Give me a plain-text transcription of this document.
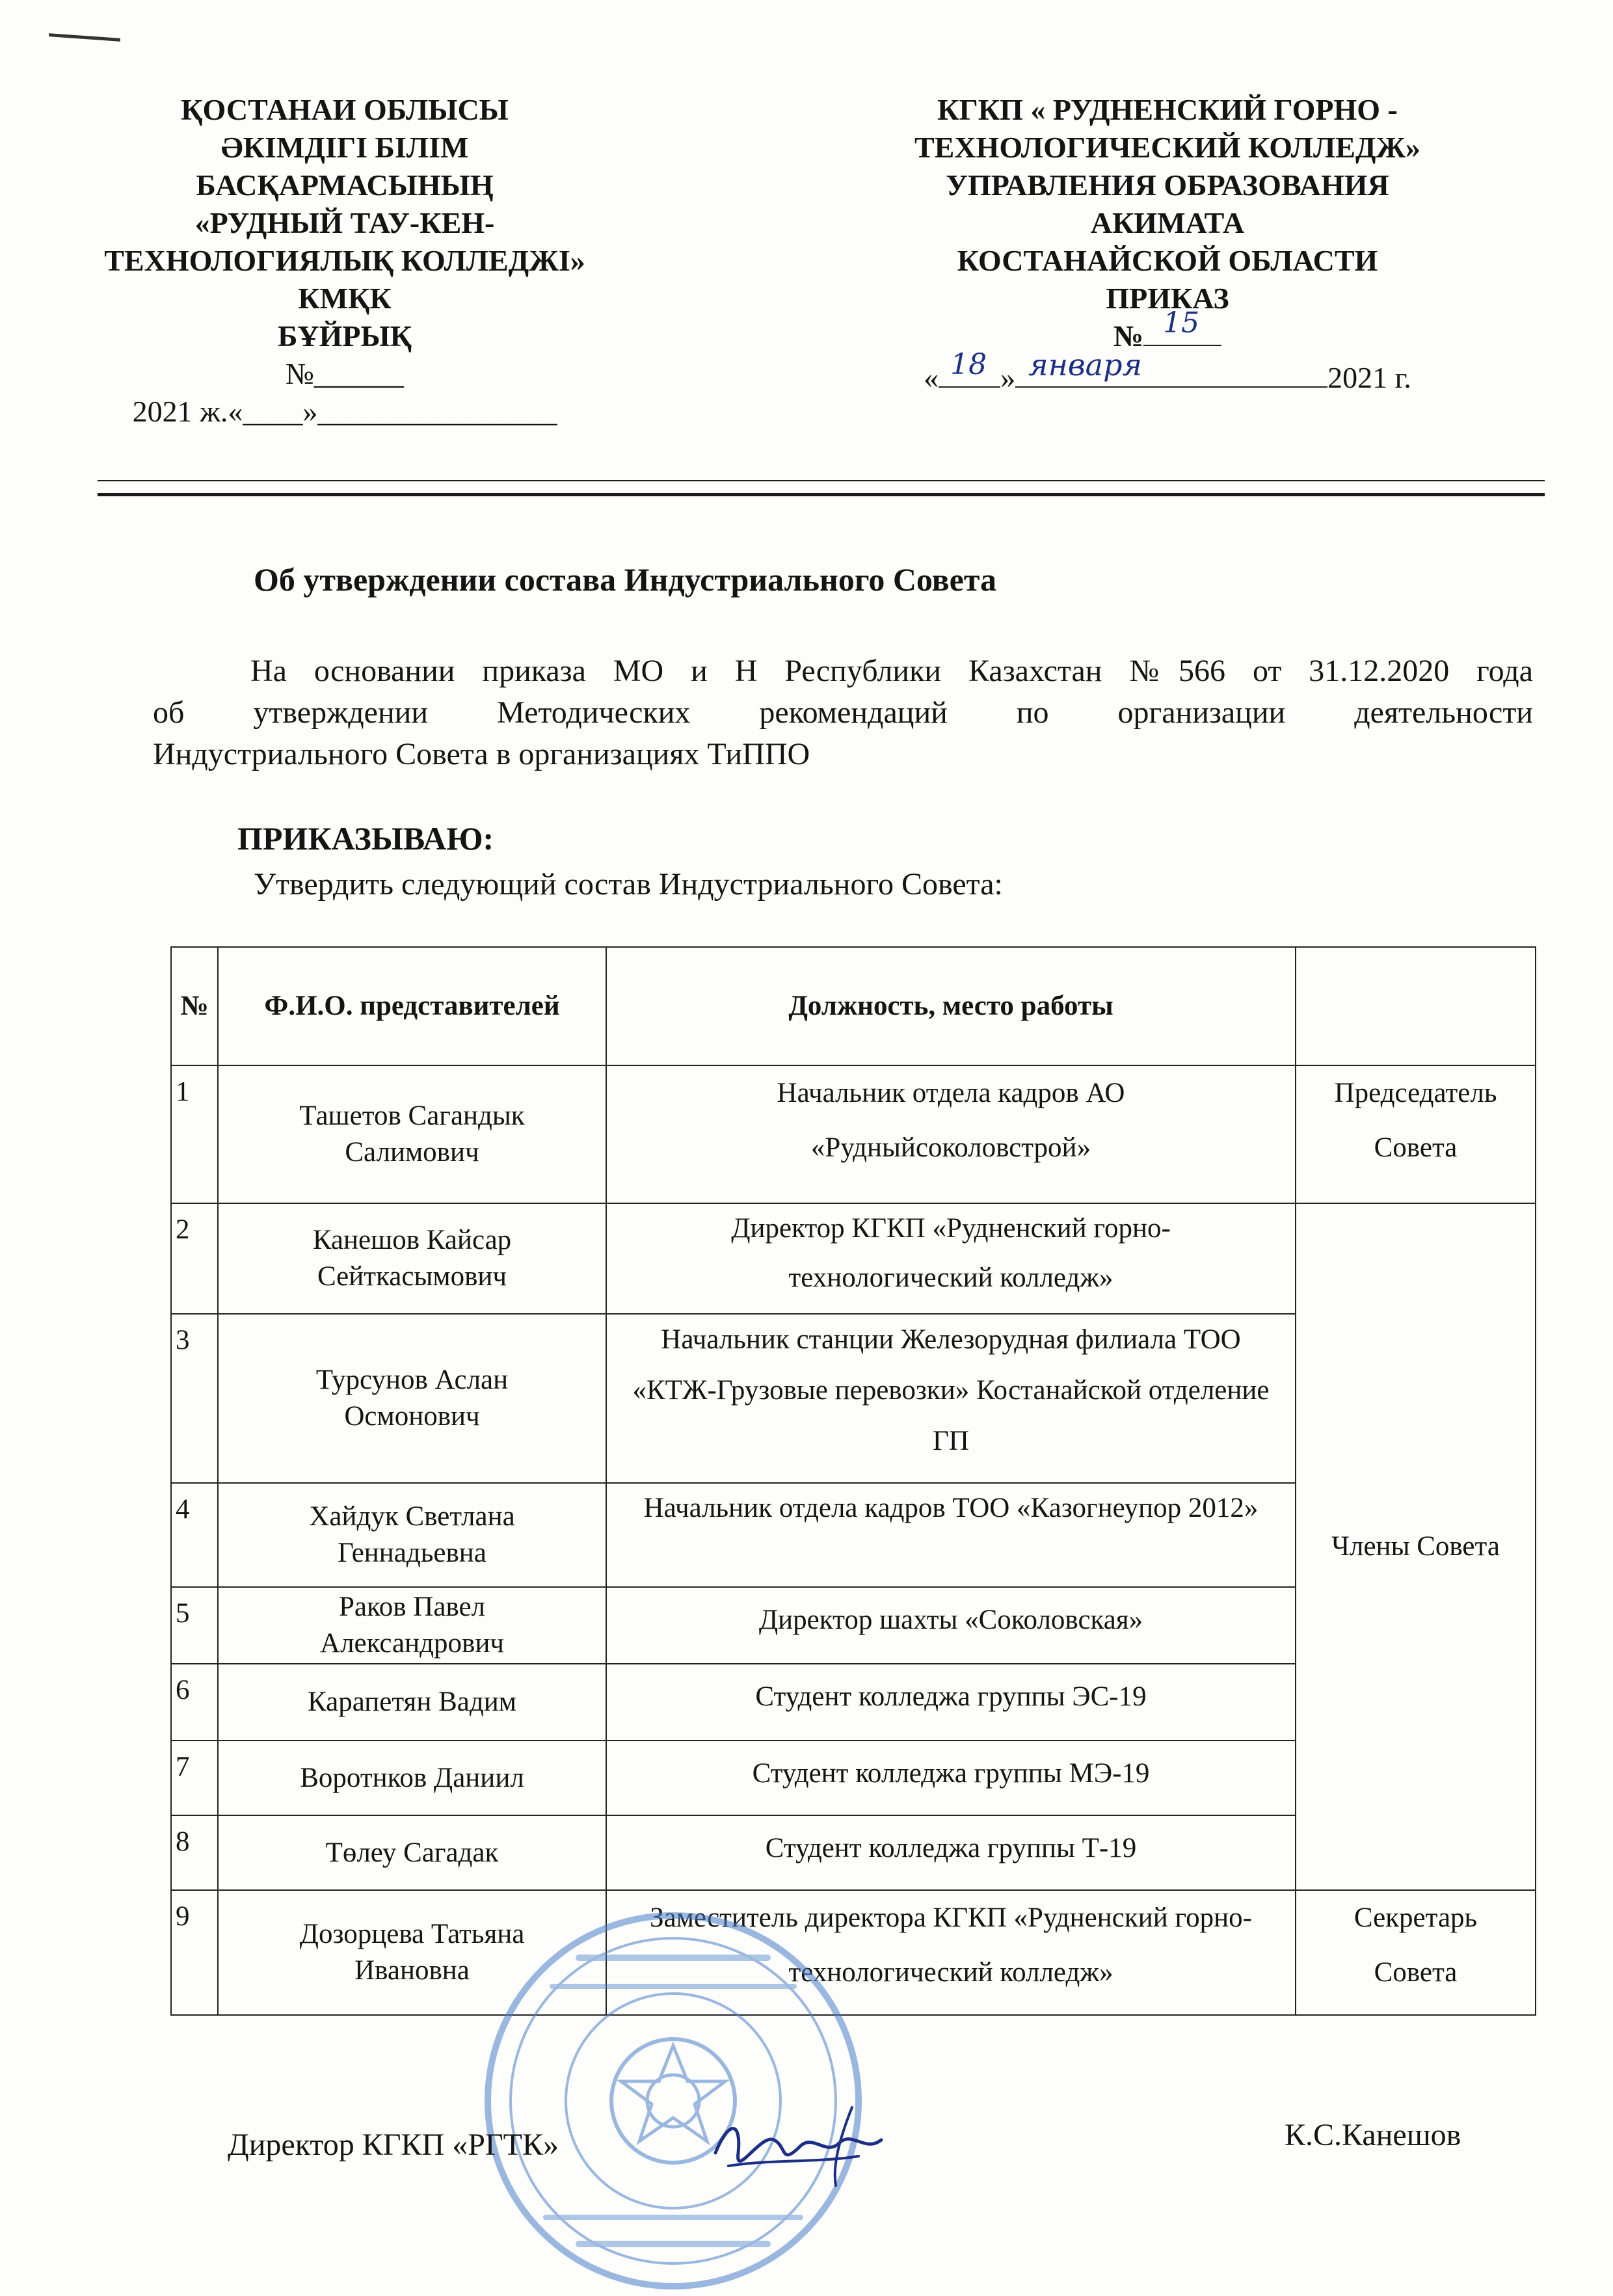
ҚОСТАНАИ ОБЛЫСЫ
ӘКІМДІГІ БІЛІМ
БАСҚАРМАСЫНЫҢ
«РУДНЫЙ ТАУ-КЕН-
ТЕХНОЛОГИЯЛЫҚ КОЛЛЕДЖІ»
КМҚК
БҰЙРЫҚ
№______
2021 ж.«____»________________
КГКП « РУДНЕНСКИЙ ГОРНО -
ТЕХНОЛОГИЧЕСКИЙ КОЛЛЕДЖ»
УПРАВЛЕНИЯ ОБРАЗОВАНИЯ
АКИМАТА
КОСТАНАЙСКОЙ ОБЛАСТИ
ПРИКАЗ
№ 15
« 18 » января	2021 г.
Об утверждении состава Индустриального Совета
На основании приказа МО и Н Республики Казахстан №566 от 31.12.2020 года
об утверждении Методических рекомендаций по организации деятельности
Индустриального Совета в организациях ТиППО
ПРИКАЗЫВАЮ:
Утвердить следующий состав Индустриального Совета:
№	Ф.И.О. представителей	Должность, место работы	
1	Ташетов Сагандык Салимович	Начальник отдела кадров АО «Рудныйсоколовстрой»	Председатель Совета
2	Канешов Кайсар Сейткасымович	Директор КГКП «Рудненский горно-технологический колледж»	Члены Совета
3	Турсунов Аслан Осмонович	Начальник станции Железорудная филиала ТОО «КТЖ-Грузовые перевозки» Костанайской отделение ГП	
4	Хайдук Светлана Геннадьевна	Начальник отдела кадров ТОО «Казогнеупор 2012»	
5	Раков Павел Александрович	Директор шахты «Соколовская»	
6	Карапетян Вадим	Студент колледжа группы ЭС-19	
7	Воротнков Даниил	Студент колледжа группы МЭ-19	
8	Төлеу Сагадак	Студент колледжа группы Т-19	
9	Дозорцева Татьяна Ивановна	Заместитель директора КГКП «Рудненский горно-технологический колледж»	Секретарь Совета
Директор КГКП «РГТК»	К.С.Канешов
